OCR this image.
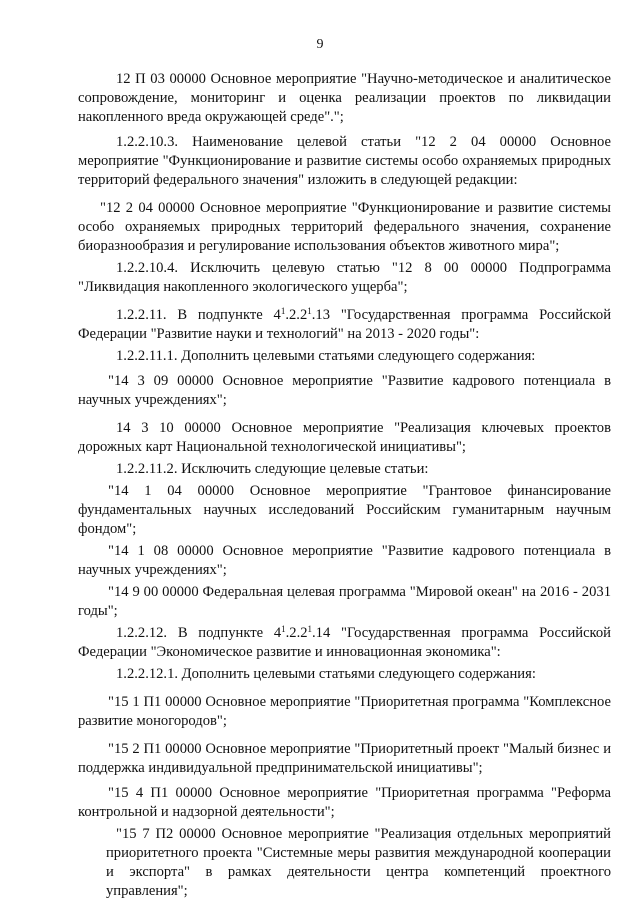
9

12 П 03 00000 Основное мероприятие "Научно-методическое и аналитическое сопровождение, мониторинг и оценка реализации проектов по ликвидации накопленного вреда окружающей среде".";

1.2.2.10.3. Наименование целевой статьи "12 2 04 00000 Основное мероприятие "Функционирование и развитие системы особо охраняемых природных территорий федерального значения" изложить в следующей редакции:

"12 2 04 00000 Основное мероприятие "Функционирование и развитие системы особо охраняемых природных территорий федерального значения, сохранение биоразнообразия и регулирование использования объектов животного мира";

1.2.2.10.4. Исключить целевую статью "12 8 00 00000 Подпрограмма "Ликвидация накопленного экологического ущерба";

1.2.2.11. В подпункте $4^1.2.2^1.13$ "Государственная программа Российской Федерации "Развитие науки и технологий" на 2013 - 2020 годы":

1.2.2.11.1. Дополнить целевыми статьями следующего содержания:

"14 3 09 00000 Основное мероприятие "Развитие кадрового потенциала в научных учреждениях";

14 3 10 00000 Основное мероприятие "Реализация ключевых проектов дорожных карт Национальной технологической инициативы";

1.2.2.11.2. Исключить следующие целевые статьи:

"14 1 04 00000 Основное мероприятие "Грантовое финансирование фундаментальных научных исследований Российским гуманитарным научным фондом";

"14 1 08 00000 Основное мероприятие "Развитие кадрового потенциала в научных учреждениях";

"14 9 00 00000 Федеральная целевая программа "Мировой океан" на 2016 - 2031 годы";

1.2.2.12. В подпункте $4^1.2.2^1.14$ "Государственная программа Российской Федерации "Экономическое развитие и инновационная экономика":

1.2.2.12.1. Дополнить целевыми статьями следующего содержания:

"15 1 П1 00000 Основное мероприятие "Приоритетная программа "Комплексное развитие моногородов";

"15 2 П1 00000 Основное мероприятие "Приоритетный проект "Малый бизнес и поддержка индивидуальной предпринимательской инициативы";

"15 4 П1 00000 Основное мероприятие "Приоритетная программа "Реформа контрольной и надзорной деятельности";

"15 7 П2 00000 Основное мероприятие "Реализация отдельных мероприятий приоритетного проекта "Системные меры развития международной кооперации и экспорта" в рамках деятельности центра компетенций проектного управления";
